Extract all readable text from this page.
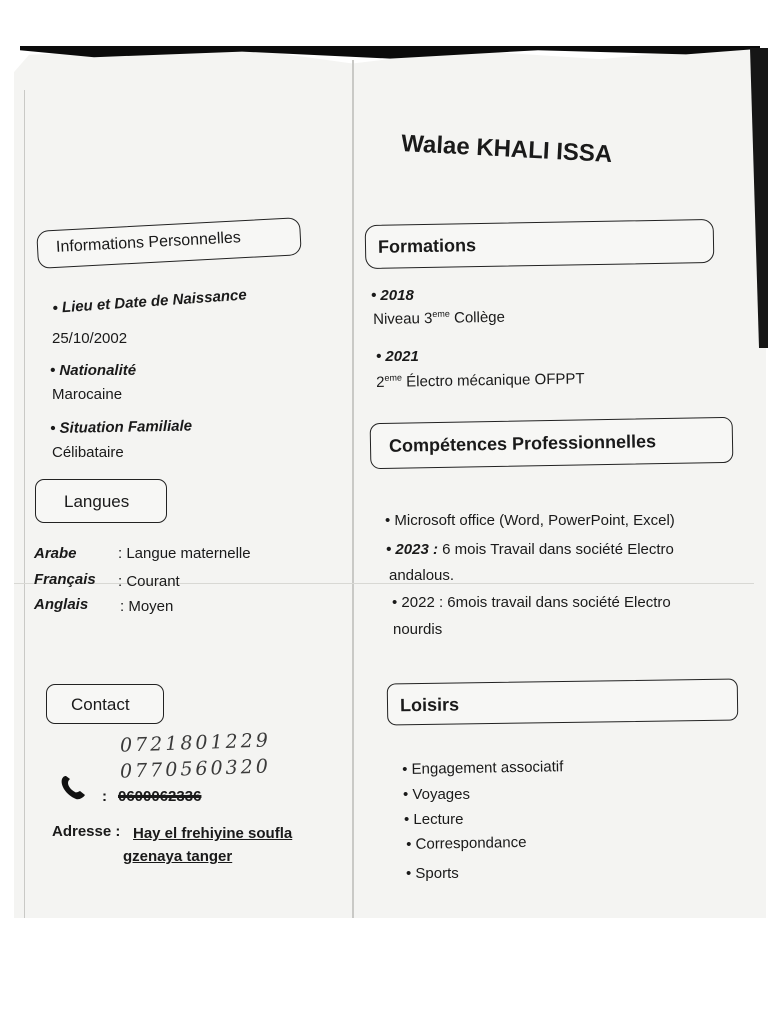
Walae KHALI ISSA
Informations Personnelles
• Lieu et Date de Naissance
25/10/2002
• Nationalité
Marocaine
• Situation Familiale
Célibataire
Langues
Arabe	: Langue maternelle
Français : Courant
Anglais : Moyen
Contact
0721801229
0770560320
: 0600062336
Adresse : Hay el frehiyine soufla
gzenaya tanger
Formations
• 2018
Niveau 3eme Collège
• 2021
2eme Électro mécanique OFPPT
Compétences Professionnelles
• Microsoft office (Word, PowerPoint, Excel)
• 2023 : 6 mois Travail dans société Electro
andalous.
• 2022 : 6mois travail dans société Electro
nourdis
Loisirs
• Engagement associatif
• Voyages
• Lecture
• Correspondance
• Sports
